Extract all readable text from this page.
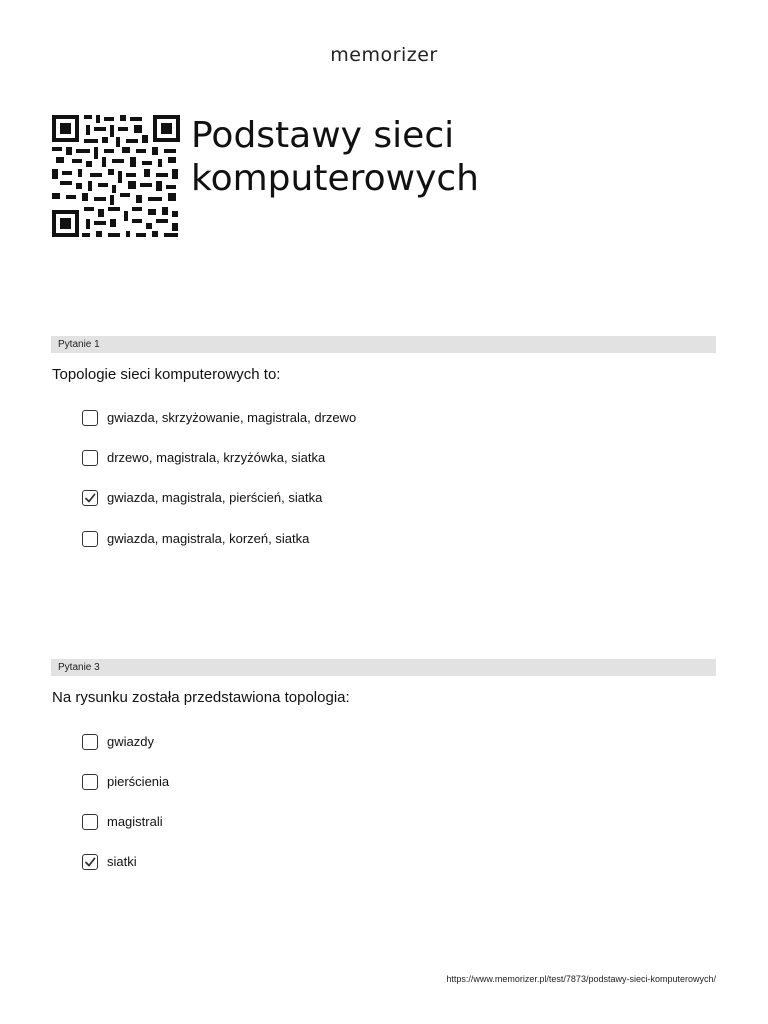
memorizer
Podstawy sieci
komputerowych
Pytanie 1
Topologie sieci komputerowych to:
gwiazda, skrzyżowanie, magistrala, drzewo
drzewo, magistrala, krzyżówka, siatka
gwiazda, magistrala, pierścień, siatka
gwiazda, magistrala, korzeń, siatka
Pytanie 3
Na rysunku została przedstawiona topologia:
gwiazdy
pierścienia
magistrali
siatki
https://www.memorizer.pl/test/7873/podstawy-sieci-komputerowych/
